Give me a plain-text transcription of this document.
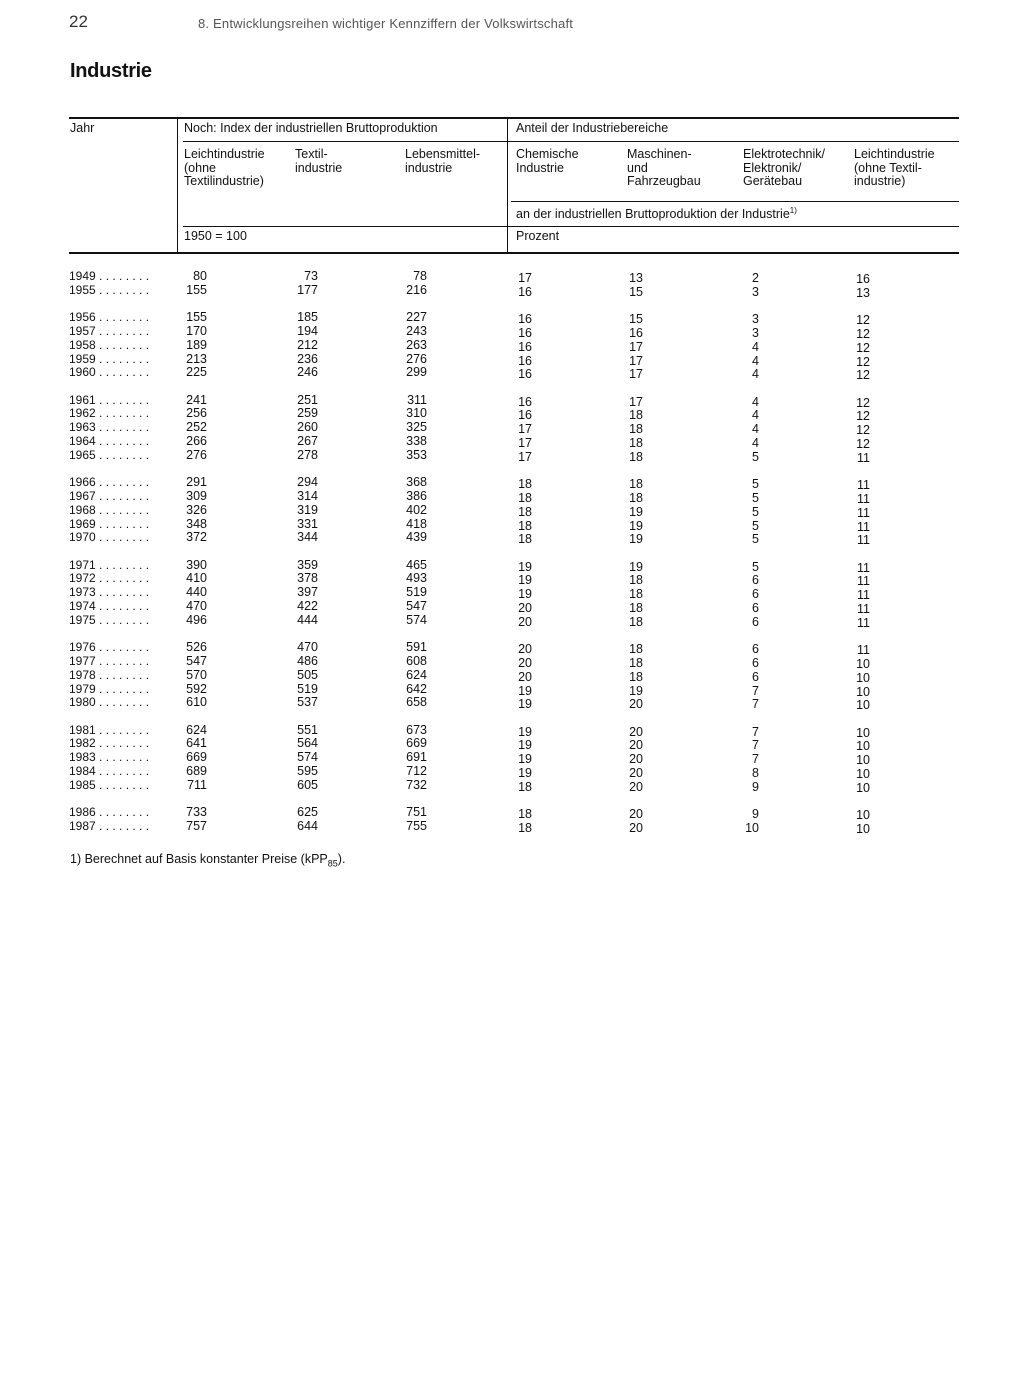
22	8. Entwicklungsreihen wichtiger Kennziffern der Volkswirtschaft
Industrie
Jahr	Noch: Index der industriellen Bruttoproduktion	Anteil der Industriebereiche
Leichtindustrie
(ohne
Textilindustrie)
Textil-
industrie
Lebensmittel-
industrie
Chemische
Industrie
Maschinen-
und
Fahrzeugbau
Elektrotechnik/
Elektronik/
Gerätebau
Leichtindustrie
(ohne Textil-
industrie)
an der industriellen Bruttoproduktion der Industrie$^{1)}$
1950 = 100	Prozent
1949 . . . . . . . .	80	73	78	17	13	2	16
1955 . . . . . . . .	155	177	216	16	15	3	13
1956 . . . . . . . .	155	185	227	16	15	3	12
1957 . . . . . . . .	170	194	243	16	16	3	12
1958 . . . . . . . .	189	212	263	16	17	4	12
1959 . . . . . . . .	213	236	276	16	17	4	12
1960 . . . . . . . .	225	246	299	16	17	4	12
1961 . . . . . . . .	241	251	311	16	17	4	12
1962 . . . . . . . .	256	259	310	16	18	4	12
1963 . . . . . . . .	252	260	325	17	18	4	12
1964 . . . . . . . .	266	267	338	17	18	4	12
1965 . . . . . . . .	276	278	353	17	18	5	11
1966 . . . . . . . .	291	294	368	18	18	5	11
1967 . . . . . . . .	309	314	386	18	18	5	11
1968 . . . . . . . .	326	319	402	18	19	5	11
1969 . . . . . . . .	348	331	418	18	19	5	11
1970 . . . . . . . .	372	344	439	18	19	5	11
1971 . . . . . . . .	390	359	465	19	19	5	11
1972 . . . . . . . .	410	378	493	19	18	6	11
1973 . . . . . . . .	440	397	519	19	18	6	11
1974 . . . . . . . .	470	422	547	20	18	6	11
1975 . . . . . . . .	496	444	574	20	18	6	11
1976 . . . . . . . .	526	470	591	20	18	6	11
1977 . . . . . . . .	547	486	608	20	18	6	10
1978 . . . . . . . .	570	505	624	20	18	6	10
1979 . . . . . . . .	592	519	642	19	19	7	10
1980 . . . . . . . .	610	537	658	19	20	7	10
1981 . . . . . . . .	624	551	673	19	20	7	10
1982 . . . . . . . .	641	564	669	19	20	7	10
1983 . . . . . . . .	669	574	691	19	20	7	10
1984 . . . . . . . .	689	595	712	19	20	8	10
1985 . . . . . . . .	711	605	732	18	20	9	10
1986 . . . . . . . .	733	625	751	18	20	9	10
1987 . . . . . . . .	757	644	755	18	20	10	10
1) Berechnet auf Basis konstanter Preise (kPP$_{85}$).
